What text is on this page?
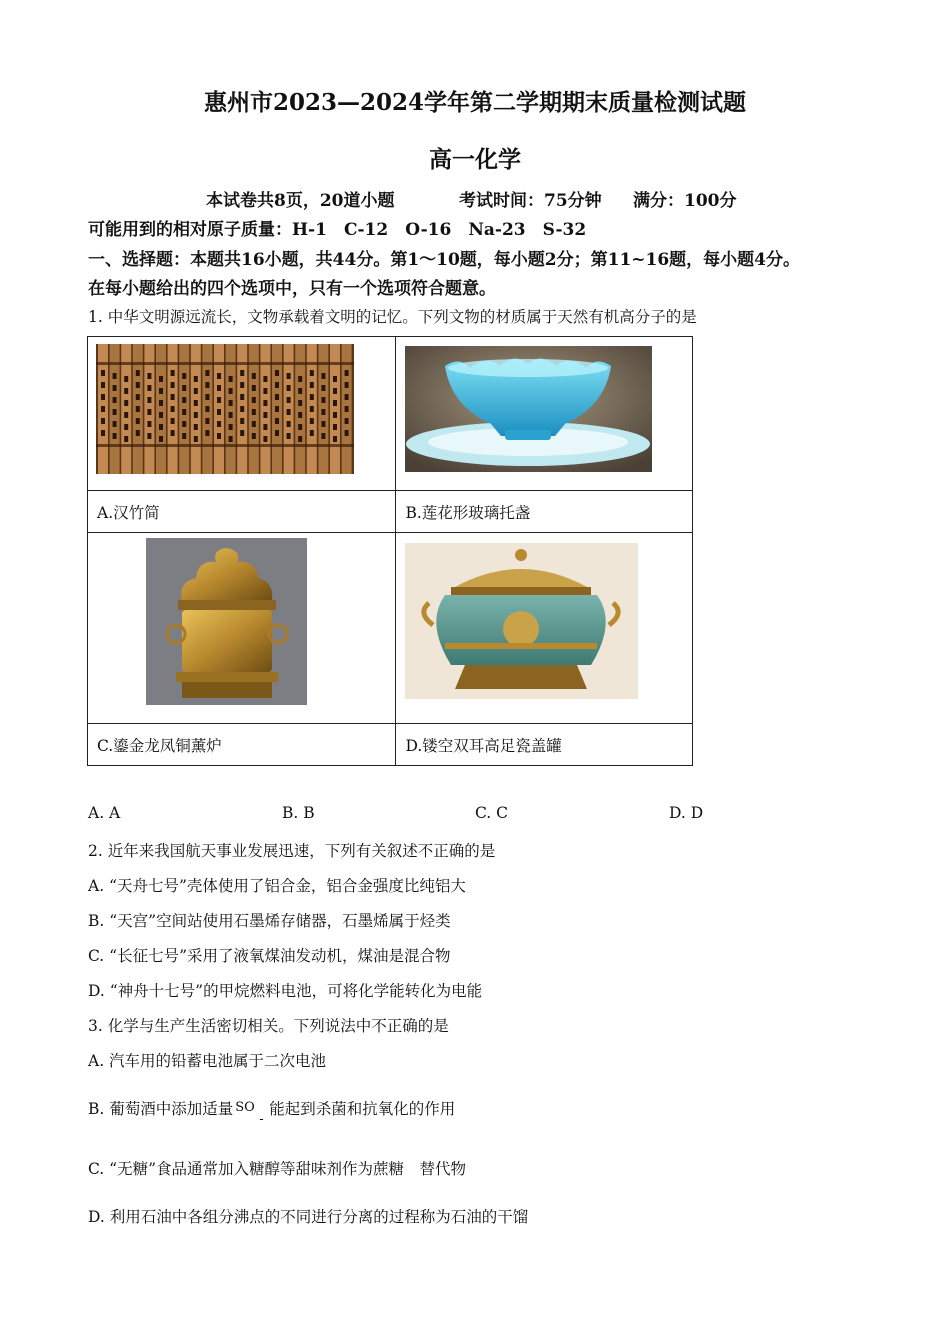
惠州市2023—2024学年第二学期期末质量检测试题
高一化学
本试卷共8页，20道小题	考试时间：75分钟 满分：100分
可能用到的相对原子质量：H-1　C-12　O-16　Na-23　S-32
一、选择题：本题共16小题，共44分。第1～10题，每小题2分；第11~16题，每小题4分。
在每小题给出的四个选项中，只有一个选项符合题意。
1. 中华文明源远流长，文物承载着文明的记忆。下列文物的材质属于天然有机高分子的是

A.汉竹简	B.莲花形玻璃托盏

C.鎏金龙凤铜薰炉	D.镂空双耳高足瓷盖罐
A. A	B. B	C. C	D. D
2. 近年来我国航天事业发展迅速，下列有关叙述不正确的是
A. “天舟七号”壳体使用了铝合金，铝合金强度比纯铝大
B. “天宫”空间站使用石墨烯存储器，石墨烯属于烃类
C. “长征七号”采用了液氧煤油发动机，煤油是混合物
D. “神舟十七号”的甲烷燃料电池，可将化学能转化为电能
3. 化学与生产生活密切相关。下列说法中不正确的是
A. 汽车用的铅蓄电池属于二次电池
B. 葡萄酒中添加适量 SO
-
能起到杀菌和抗氧化的作用
C. “无糖”食品通常加入糖醇等甜味剂作为蔗糖　替代物
D. 利用石油中各组分沸点的不同进行分离的过程称为石油的干馏
